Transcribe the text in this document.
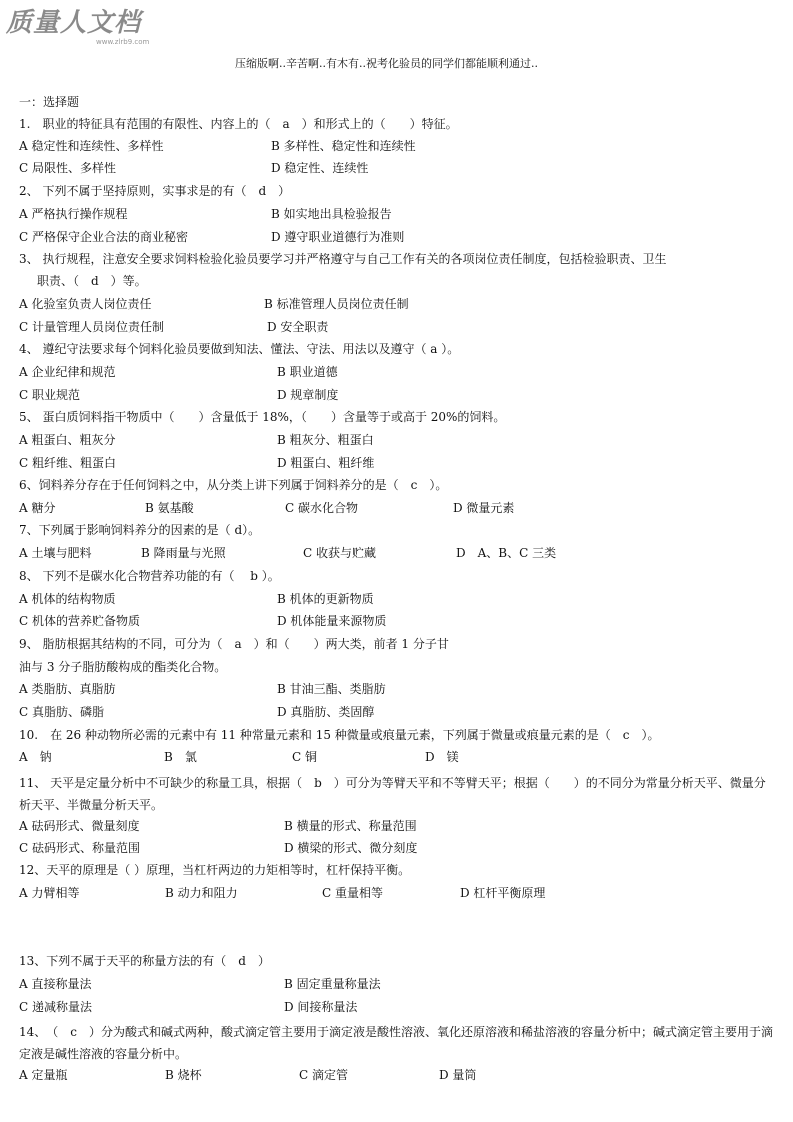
质量人文档
www.zlrb9.com
压缩版啊..辛苦啊..有木有..祝考化验员的同学们都能顺利通过..
一：选择题
1.　职业的特征具有范围的有限性、内容上的（　a　）和形式上的（　　）特征。
A 稳定性和连续性、多样性	B 多样性、稳定性和连续性
C 局限性、多样性	D 稳定性、连续性
2、 下列不属于坚持原则，实事求是的有（　d　）
A 严格执行操作规程	B 如实地出具检验报告
C 严格保守企业合法的商业秘密	D 遵守职业道德行为准则
3、 执行规程，注意安全要求饲料检验化验员要学习并严格遵守与自己工作有关的各项岗位责任制度，包括检验职责、卫生
职责、（　d　）等。
A 化验室负责人岗位责任	B 标准管理人员岗位责任制
C 计量管理人员岗位责任制	D 安全职责
4、 遵纪守法要求每个饲料化验员要做到知法、懂法、守法、用法以及遵守（ a ）。
A 企业纪律和规范	B 职业道德
C 职业规范	D 规章制度
5、 蛋白质饲料指干物质中（　　）含量低于 18%，（　　）含量等于或高于 20%的饲料。
A 粗蛋白、粗灰分	B 粗灰分、粗蛋白
C 粗纤维、粗蛋白	D 粗蛋白、粗纤维
6、饲料养分存在于任何饲料之中，从分类上讲下列属于饲料养分的是（　c　）。
A 糖分	B 氨基酸	C 碳水化合物	D 微量元素
7、下列属于影响饲料养分的因素的是（ d）。
A 土壤与肥料	B 降雨量与光照	C 收获与贮藏	D　A、B、C 三类
8、 下列不是碳水化合物营养功能的有（　 b ）。
A 机体的结构物质	B 机体的更新物质
C 机体的营养贮备物质	D 机体能量来源物质
9、 脂肪根据其结构的不同，可分为（　a　）和（　　）两大类，前者 1 分子甘
油与 3 分子脂肪酸构成的酯类化合物。
A 类脂肪、真脂肪	B 甘油三酯、类脂肪
C 真脂肪、磷脂	D 真脂肪、类固醇
10.　在 26 种动物所必需的元素中有 11 种常量元素和 15 种微量或痕量元素，下列属于微量或痕量元素的是（　c　）。
A　钠	B　氯	C 铜	D　镁
11、 天平是定量分析中不可缺少的称量工具，根据（　b　）可分为等臂天平和不等臂天平；根据（　　）的不同分为常量分析天平、微量分析天平、半微量分析天平。
A 砝码形式、微量刻度	B 横量的形式、称量范围
C 砝码形式、称量范围	D 横梁的形式、微分刻度
12、天平的原理是（ ）原理，当杠杆两边的力矩相等时，杠杆保持平衡。
A 力臂相等	B 动力和阻力	C 重量相等	D 杠杆平衡原理
13、下列不属于天平的称量方法的有（　d　）
A 直接称量法	B 固定重量称量法
C 递减称量法	D 间接称量法
14、　（　c　）分为酸式和碱式两种，酸式滴定管主要用于滴定液是酸性溶液、氧化还原溶液和稀盐溶液的容量分析中；碱式滴定管主要用于滴定液是碱性溶液的容量分析中。
A 定量瓶	B 烧杯	C 滴定管	D 量筒
